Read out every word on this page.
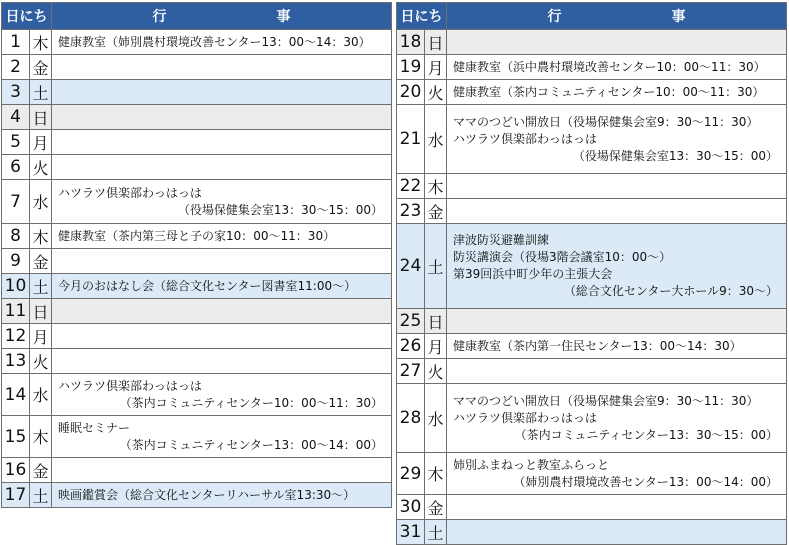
日にち		行 事
1	木	健康教室（姉別農村環境改善センター13：00～14：30）

2	金	
3	土	
4	日	
5	月	
6	火	
7	水	ハツラツ倶楽部わっはっは
（役場保健集会室13：30～15：00）

8	木	健康教室（茶内第三母と子の家10：00～11：30）

9	金	
10	土	今月のおはなし会（総合文化センター図書室11:00～）

11	日	
12	月	
13	火	
14	水	ハツラツ倶楽部わっはっは
（茶内コミュニティセンター10：00～11：30）

15	木	睡眠セミナー
（茶内コミュニティセンター13：00～14：00）

16	金	
17	土	映画鑑賞会（総合文化センターリハーサル室13:30～）
日にち		行 事
18	日	
19	月	健康教室（浜中農村環境改善センター10：00～11：30）

20	火	健康教室（茶内コミュニティセンター10：00～11：30）

21	水	ママのつどい開放日（役場保健集会室9：30～11：30）
ハツラツ倶楽部わっはっは
（役場保健集会室13：30～15：00）

22	木	
23	金	
24	土	津波防災避難訓練
防災講演会（役場3階会議室10：00～）
第39回浜中町少年の主張大会
（総合文化センター大ホール9：30～）

25	日	
26	月	健康教室（茶内第一住民センター13：00～14：30）

27	火	
28	水	ママのつどい開放日（役場保健集会室9：30～11：30）
ハツラツ倶楽部わっはっは
（茶内コミュニティセンター13：30～15：00）

29	木	姉別ふまねっと教室ふらっと
（姉別農村環境改善センター13：00～14：00）

30	金	
31	土	
